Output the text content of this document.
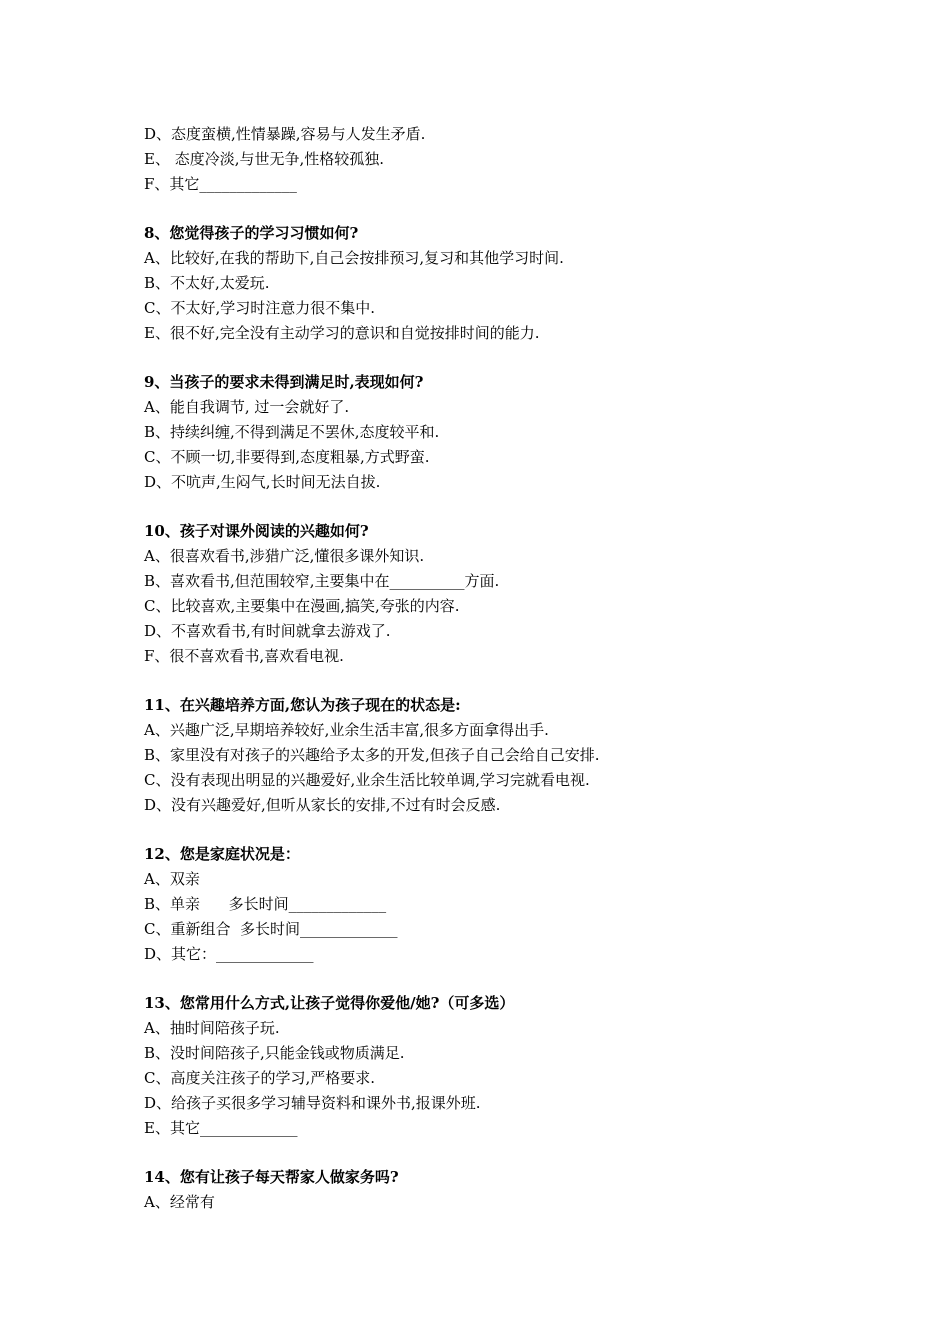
D、态度蛮横,性情暴躁,容易与人发生矛盾.
E、 态度冷淡,与世无争,性格较孤独.
F、其它_____________
8、您觉得孩子的学习习惯如何?
A、比较好,在我的帮助下,自己会按排预习,复习和其他学习时间.
B、不太好,太爱玩.
C、不太好,学习时注意力很不集中.
E、很不好,完全没有主动学习的意识和自觉按排时间的能力.
9、当孩子的要求未得到满足时,表现如何?
A、能自我调节, 过一会就好了.
B、持续纠缠,不得到满足不罢休,态度较平和.
C、不顾一切,非要得到,态度粗暴,方式野蛮.
D、不吭声,生闷气,长时间无法自拔.
10、孩子对课外阅读的兴趣如何?
A、很喜欢看书,涉猎广泛,懂很多课外知识.
B、喜欢看书,但范围较窄,主要集中在__________方面.
C、比较喜欢,主要集中在漫画,搞笑,夸张的内容.
D、不喜欢看书,有时间就拿去游戏了.
F、很不喜欢看书,喜欢看电视.
11、在兴趣培养方面,您认为孩子现在的状态是:
A、兴趣广泛,早期培养较好,业余生活丰富,很多方面拿得出手.
B、家里没有对孩子的兴趣给予太多的开发,但孩子自己会给自己安排.
C、没有表现出明显的兴趣爱好,业余生活比较单调,学习完就看电视.
D、没有兴趣爱好,但听从家长的安排,不过有时会反感.
12、您是家庭状况是：
A、双亲
B、单亲      多长时间_____________
C、重新组合  多长时间_____________
D、其它：_____________
13、您常用什么方式,让孩子觉得你爱他/她?（可多选）
A、抽时间陪孩子玩.
B、没时间陪孩子,只能金钱或物质满足.
C、高度关注孩子的学习,严格要求.
D、给孩子买很多学习辅导资料和课外书,报课外班.
E、其它_____________
14、您有让孩子每天帮家人做家务吗?
A、经常有
